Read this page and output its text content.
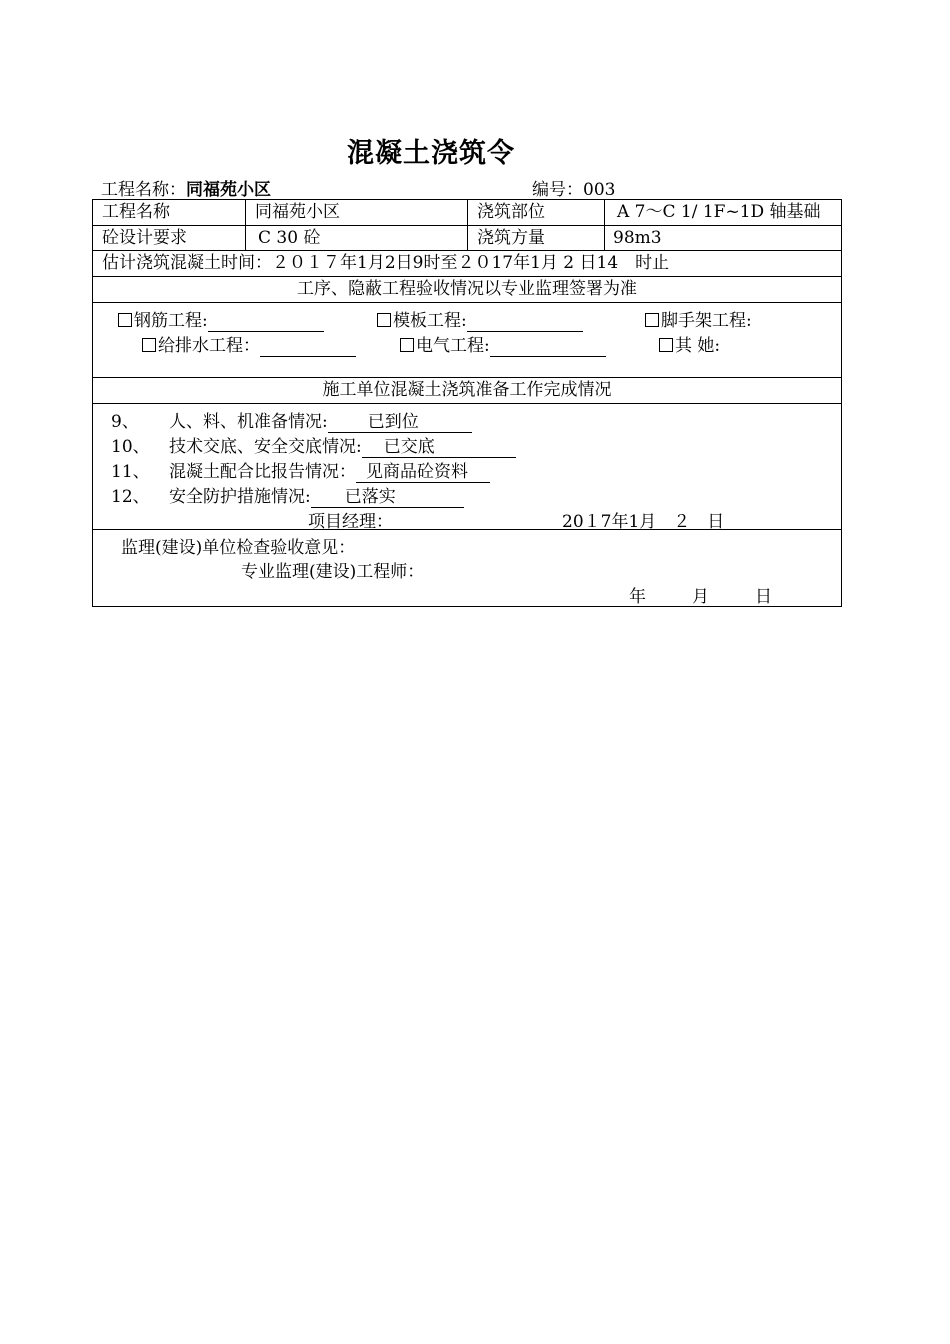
混凝土浇筑令
工程名称：同福苑小区	编号：003
工程名称	同福苑小区	浇筑部位	A 7～C 1/ 1F~1D 轴基础
砼设计要求	C 30 砼	浇筑方量	98m3
估计浇筑混凝土时间：２０１７年1月2日9时至２０17年1月 2 日14　时止
工序、隐蔽工程验收情况以专业监理签署为准
钢筋工程:	模板工程:	脚手架工程:
给排水工程：	电气工程:	其 她:
施工单位混凝土浇筑准备工作完成情况
9、 人、料、机准备情况: 已到位
10、 技术交底、安全交底情况: 已交底
11、 混凝土配合比报告情况： 见商品砼资料
12、 安全防护措施情况: 已落实
项目经理：	20１7年1月　２　日
监理(建设)单位检查验收意见：
专业监理(建设)工程师：
年	月	日
